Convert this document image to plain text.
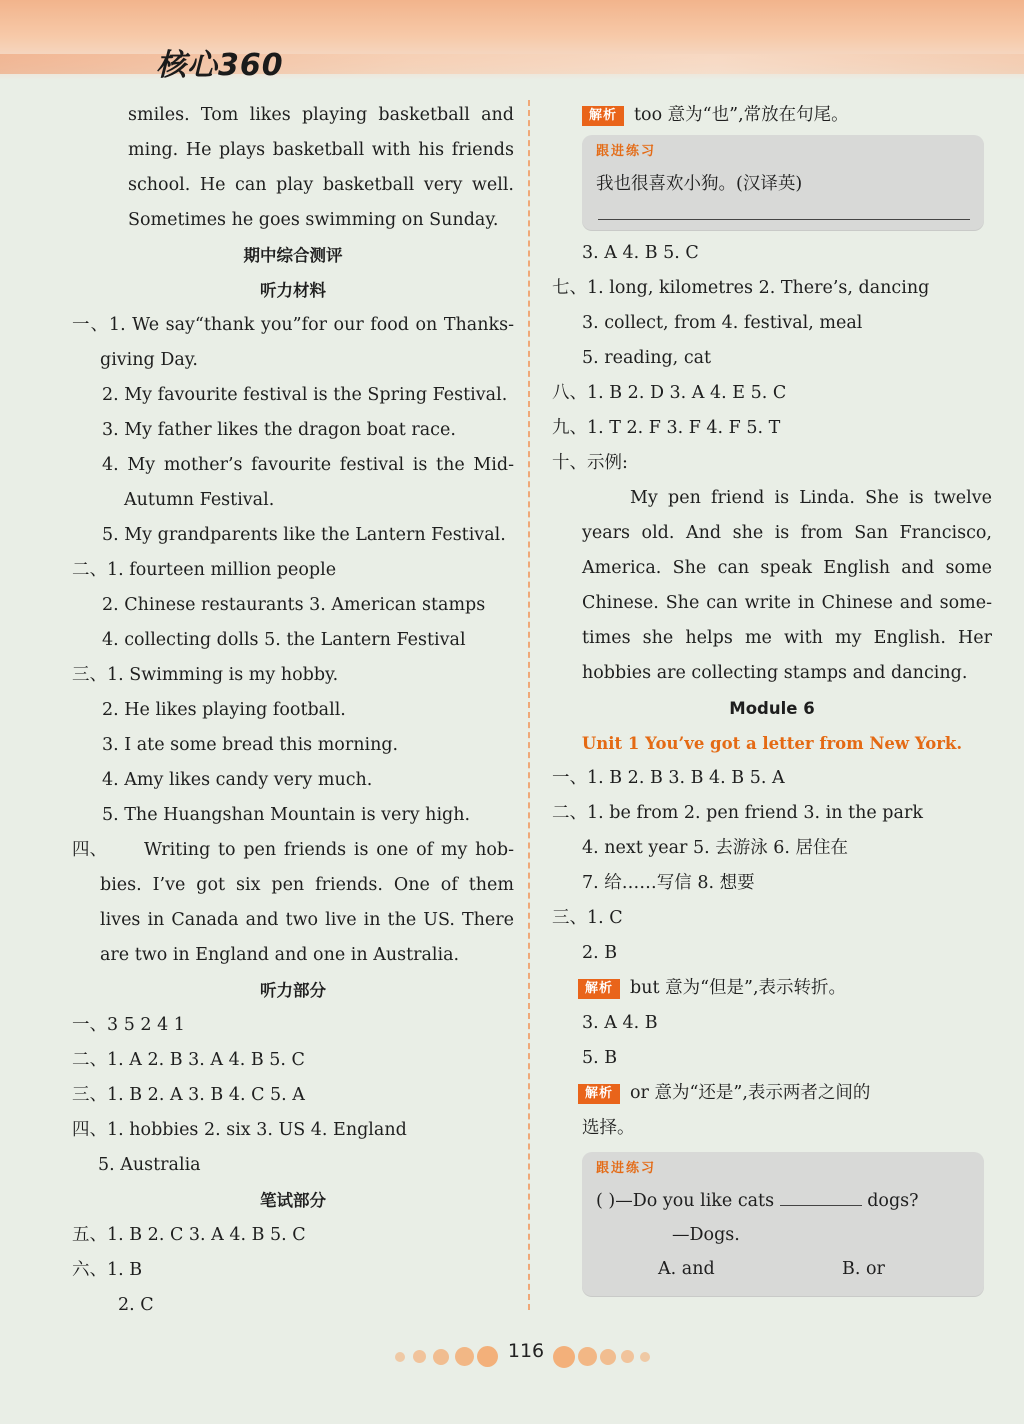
核心360
smiles. Tom likes playing basketball and
ming. He plays basketball with his friends
school. He can play basketball very well.
Sometimes he goes swimming on Sunday.
期中综合测评
听力材料
一、1. We say“thank you”for our food on Thanks-
giving Day.
2. My favourite festival is the Spring Festival.
3. My father likes the dragon boat race.
4. My mother’s favourite festival is the Mid-
Autumn Festival.
5. My grandparents like the Lantern Festival.
二、1. fourteen million people
2. Chinese restaurants 3. American stamps
4. collecting dolls 5. the Lantern Festival
三、1. Swimming is my hobby.
2. He likes playing football.
3. I ate some bread this morning.
4. Amy likes candy very much.
5. The Huangshan Mountain is very high.
四、 Writing to pen friends is one of my hob-
bies. I’ve got six pen friends. One of them
lives in Canada and two live in the US. There
are two in England and one in Australia.
听力部分
一、3 5 2 4 1
二、1. A 2. B 3. A 4. B 5. C
三、1. B 2. A 3. B 4. C 5. A
四、1. hobbies 2. six 3. US 4. England
5. Australia
笔试部分
五、1. B 2. C 3. A 4. B 5. C
六、1. B
2. C
解析 too 意为“也”,常放在句尾。
跟进练习
我也很喜欢小狗。(汉译英)
3. A 4. B 5. C
七、1. long, kilometres 2. There’s, dancing
3. collect, from 4. festival, meal
5. reading, cat
八、1. B 2. D 3. A 4. E 5. C
九、1. T 2. F 3. F 4. F 5. T
十、示例:
My pen friend is Linda. She is twelve
years old. And she is from San Francisco,
America. She can speak English and some
Chinese. She can write in Chinese and some-
times she helps me with my English. Her
hobbies are collecting stamps and dancing.
Module 6
Unit 1 You’ve got a letter from New York.
一、1. B 2. B 3. B 4. B 5. A
二、1. be from 2. pen friend 3. in the park
4. next year 5. 去游泳 6. 居住在
7. 给……写信 8. 想要
三、1. C
2. B
解析 but 意为“但是”,表示转折。
3. A 4. B
5. B
解析 or 意为“还是”,表示两者之间的
选择。
跟进练习
( )—Do you like cats	dogs?
—Dogs.
A. and	B. or
116
